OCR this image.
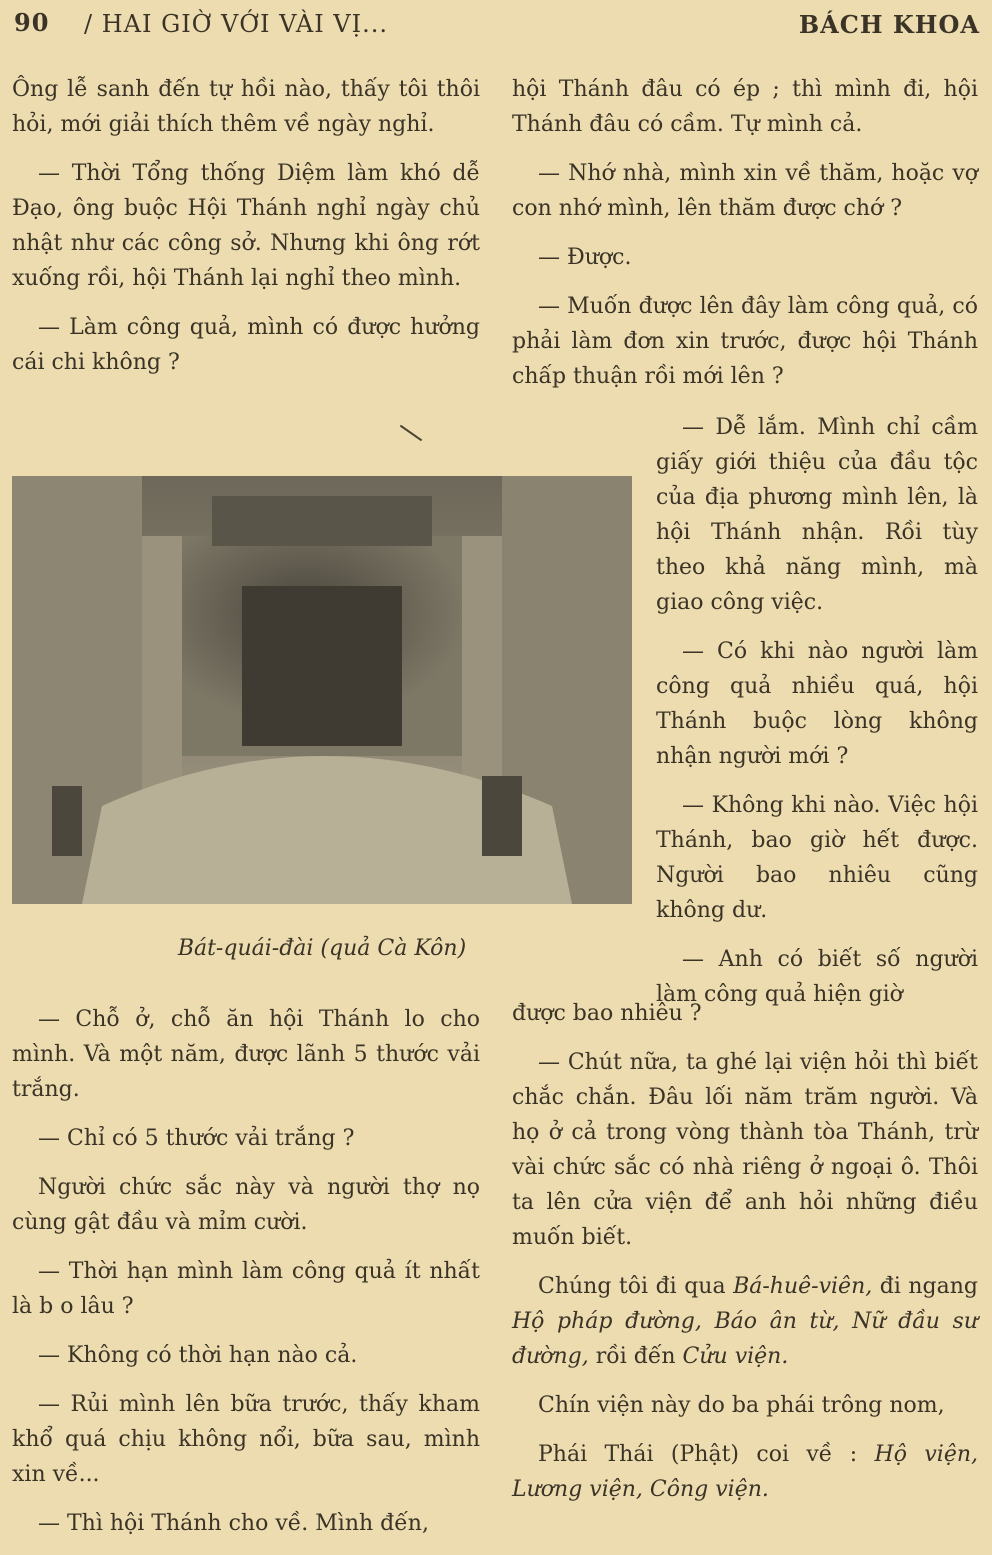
90 / HAI GIỜ VỚI VÀI VỊ...	BÁCH KHOA

Ông lễ sanh đến tự hồi nào, thấy tôi thôi hỏi, mới giải thích thêm về ngày nghỉ.

— Thời Tổng thống Diệm làm khó dễ Đạo, ông buộc Hội Thánh nghỉ ngày chủ nhật như các công sở. Nhưng khi ông rớt xuống rồi, hội Thánh lại nghỉ theo mình.

— Làm công quả, mình có được hưởng cái chi không ?

Bát-quái-đài (quả Cà Kôn)

— Chỗ ở, chỗ ăn hội Thánh lo cho mình. Và một năm, được lãnh 5 thước vải trắng.

— Chỉ có 5 thước vải trắng ?

Người chức sắc này và người thợ nọ cùng gật đầu và mỉm cười.

— Thời hạn mình làm công quả ít nhất là b o lâu ?

— Không có thời hạn nào cả.

— Rủi mình lên bữa trước, thấy kham khổ quá chịu không nổi, bữa sau, mình xin về...

— Thì hội Thánh cho về. Mình đến,

hội Thánh đâu có ép ; thì mình đi, hội Thánh đâu có cầm. Tự mình cả.

— Nhớ nhà, mình xin về thăm, hoặc vợ con nhớ mình, lên thăm được chớ ?

— Được.

— Muốn được lên đây làm công quả, có phải làm đơn xin trước, được hội Thánh chấp thuận rồi mới lên ?

— Dễ lắm. Mình chỉ cầm giấy giới thiệu của đầu tộc của địa phương mình lên, là hội Thánh nhận. Rồi tùy theo khả năng mình, mà giao công việc.

— Có khi nào người làm công quả nhiều quá, hội Thánh buộc lòng không nhận người mới ?

— Không khi nào. Việc hội Thánh, bao giờ hết được. Người bao nhiêu cũng không dư.

— Anh có biết số người làm công quả hiện giờ

được bao nhiêu ?

— Chút nữa, ta ghé lại viện hỏi thì biết chắc chắn. Đâu lối năm trăm người. Và họ ở cả trong vòng thành tòa Thánh, trừ vài chức sắc có nhà riêng ở ngoại ô. Thôi ta lên cửa viện để anh hỏi những điều muốn biết.

Chúng tôi đi qua Bá-huê-viên, đi ngang Hộ pháp đường, Báo ân từ, Nữ đầu sư đường, rồi đến Cửu viện.

Chín viện này do ba phái trông nom,

Phái Thái (Phật) coi về : Hộ viện, Lương viện, Công viện.
